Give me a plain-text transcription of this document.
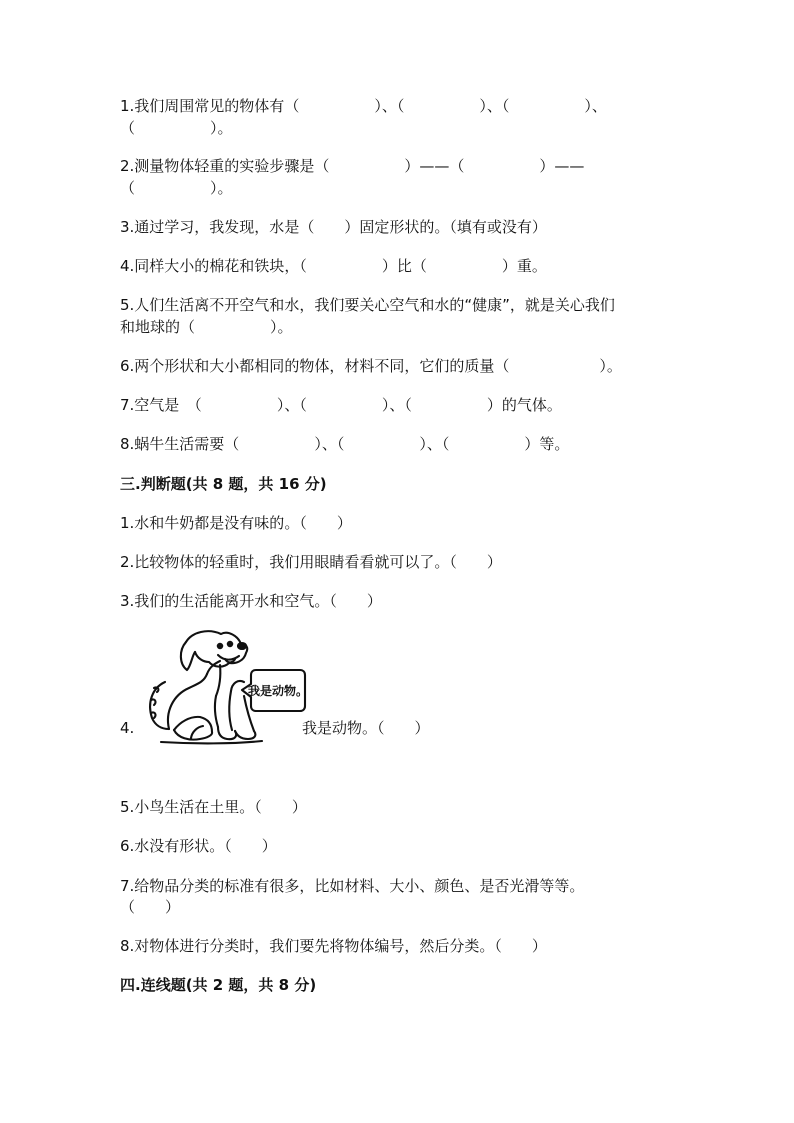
1.我们周围常见的物体有（　　　　　）、（　　　　　）、（　　　　　）、
（　　　　　）。
2.测量物体轻重的实验步骤是（　　　　　）——（　　　　　）——
（　　　　　）。
3.通过学习，我发现，水是（　　）固定形状的。（填有或没有）
4.同样大小的棉花和铁块，（　　　　　）比（　　　　　）重。
5.人们生活离不开空气和水，我们要关心空气和水的“健康”，就是关心我们
和地球的（　　　　　）。
6.两个形状和大小都相同的物体，材料不同，它们的质量（　　　　　　）。
7.空气是　（　　　　　）、（　　　　　）、（　　　　　）的气体。
8.蜗牛生活需要（　　　　　）、（　　　　　）、（　　　　　）等。
三.判断题(共 8 题，共 16 分)
1.水和牛奶都是没有味的。（　　）
2.比较物体的轻重时，我们用眼睛看看就可以了。（　　）
3.我们的生活能离开水和空气。（　　）
4.
我是动物。
我是动物。（　　）
5.小鸟生活在土里。（　　）
6.水没有形状。（　　）
7.给物品分类的标准有很多，比如材料、大小、颜色、是否光滑等等。
（　　）
8.对物体进行分类时，我们要先将物体编号，然后分类。（　　）
四.连线题(共 2 题，共 8 分)
